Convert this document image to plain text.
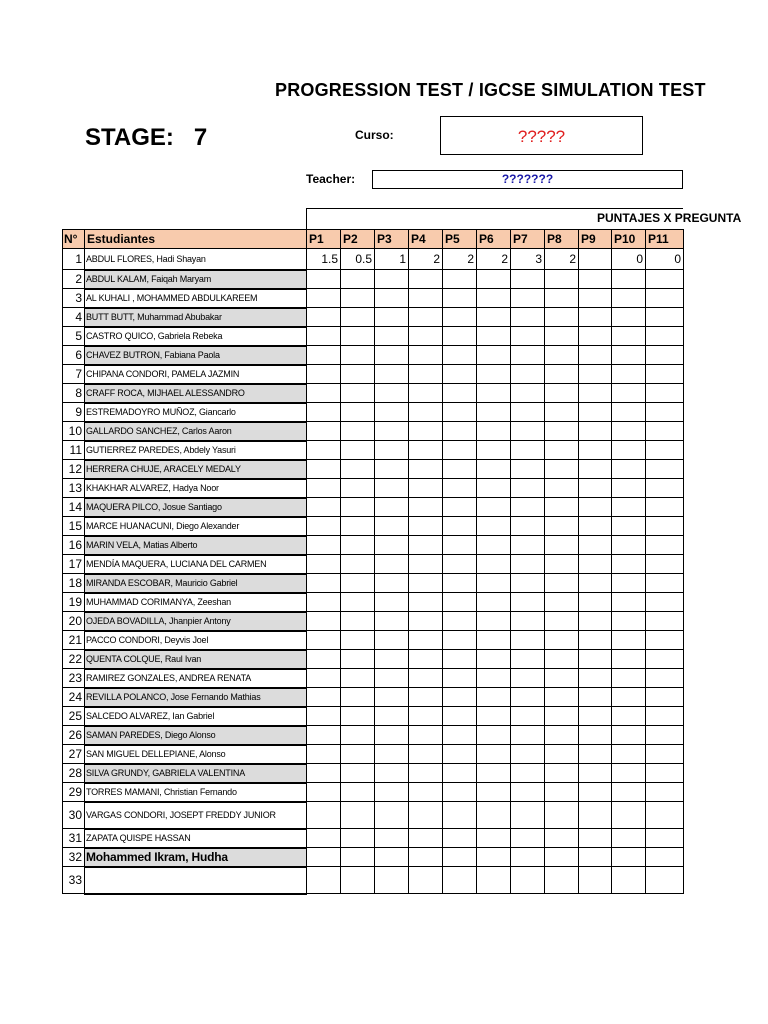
PROGRESSION TEST / IGCSE SIMULATION TEST
STAGE:   7	Curso:	?????
Teacher:	???????
PUNTAJES X PREGUNTA
N°	Estudiantes	P1	P2	P3	P4	P5	P6	P7	P8	P9	P10	P11
1	ABDUL FLORES, Hadi Shayan	1.5	0.5	1	2	2	2	3	2		0	0
2	ABDUL KALAM, Faiqah Maryam											
3	AL KUHALI , MOHAMMED ABDULKAREEM											
4	BUTT BUTT, Muhammad Abubakar											
5	CASTRO QUICO, Gabriela Rebeka											
6	CHAVEZ BUTRON, Fabiana Paola											
7	CHIPANA CONDORI, PAMELA JAZMIN											
8	CRAFF ROCA, MIJHAEL ALESSANDRO											
9	ESTREMADOYRO MUÑOZ, Giancarlo											
10	GALLARDO SANCHEZ, Carlos Aaron											
11	GUTIERREZ PAREDES, Abdely Yasuri											
12	HERRERA CHUJE, ARACELY MEDALY											
13	KHAKHAR ALVAREZ, Hadya Noor											
14	MAQUERA PILCO, Josue Santiago											
15	MARCE HUANACUNI, Diego Alexander											
16	MARIN VELA, Matias Alberto											
17	MENDÍA MAQUERA, LUCIANA DEL CARMEN											
18	MIRANDA ESCOBAR, Mauricio Gabriel											
19	MUHAMMAD CORIMANYA, Zeeshan											
20	OJEDA BOVADILLA, Jhanpier Antony											
21	PACCO CONDORI, Deyvis Joel											
22	QUENTA COLQUE, Raul Ivan											
23	RAMIREZ GONZALES, ANDREA RENATA											
24	REVILLA POLANCO, Jose Fernando Mathias											
25	SALCEDO ALVAREZ, Ian Gabriel											
26	SAMAN PAREDES, Diego Alonso											
27	SAN MIGUEL DELLEPIANE, Alonso											
28	SILVA GRUNDY, GABRIELA VALENTINA											
29	TORRES MAMANI, Christian Fernando											
30	VARGAS CONDORI, JOSEPT FREDDY JUNIOR											
31	ZAPATA QUISPE HASSAN											
32	Mohammed Ikram, Hudha											
33												
